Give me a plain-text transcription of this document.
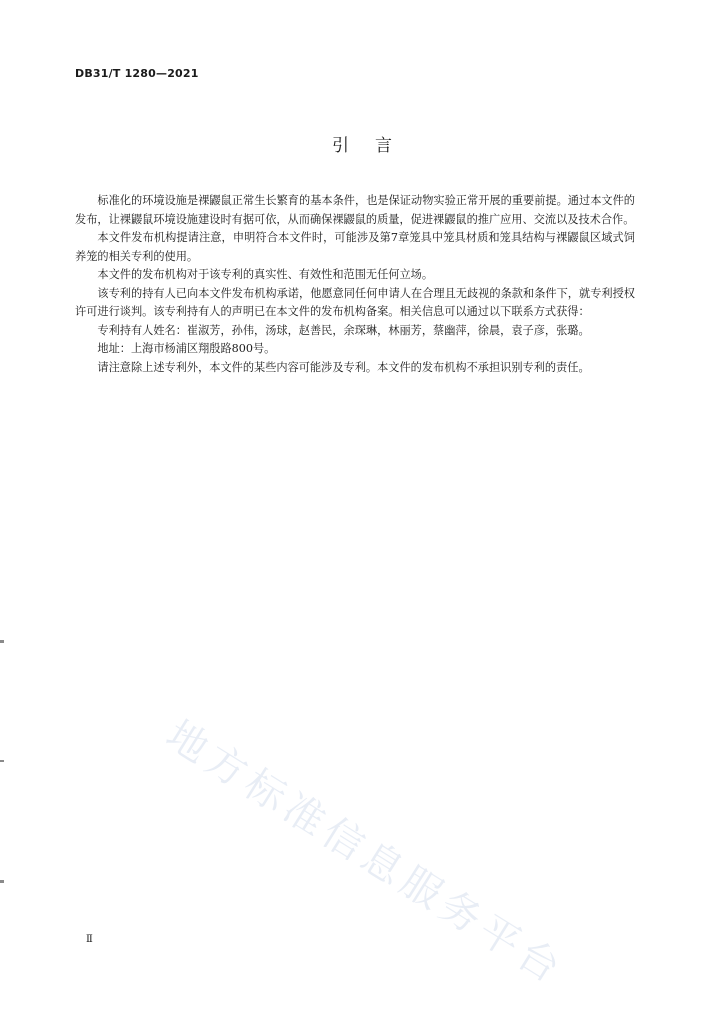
DB31/T 1280—2021
引言

标准化的环境设施是裸鼹鼠正常生长繁育的基本条件，也是保证动物实验正常开展的重要前提。通过本文件的发布，让裸鼹鼠环境设施建设时有据可依，从而确保裸鼹鼠的质量，促进裸鼹鼠的推广应用、交流以及技术合作。

本文件发布机构提请注意，申明符合本文件时，可能涉及第7章笼具中笼具材质和笼具结构与裸鼹鼠区域式饲养笼的相关专利的使用。

本文件的发布机构对于该专利的真实性、有效性和范围无任何立场。

该专利的持有人已向本文件发布机构承诺，他愿意同任何申请人在合理且无歧视的条款和条件下，就专利授权许可进行谈判。该专利持有人的声明已在本文件的发布机构备案。相关信息可以通过以下联系方式获得：

专利持有人姓名：崔淑芳，孙伟，汤球，赵善民，余琛琳，林丽芳，蔡幽萍，徐晨，袁子彦，张璐。

地址：上海市杨浦区翔殷路800号。

请注意除上述专利外，本文件的某些内容可能涉及专利。本文件的发布机构不承担识别专利的责任。

地方标准信息服务平台
Ⅱ
